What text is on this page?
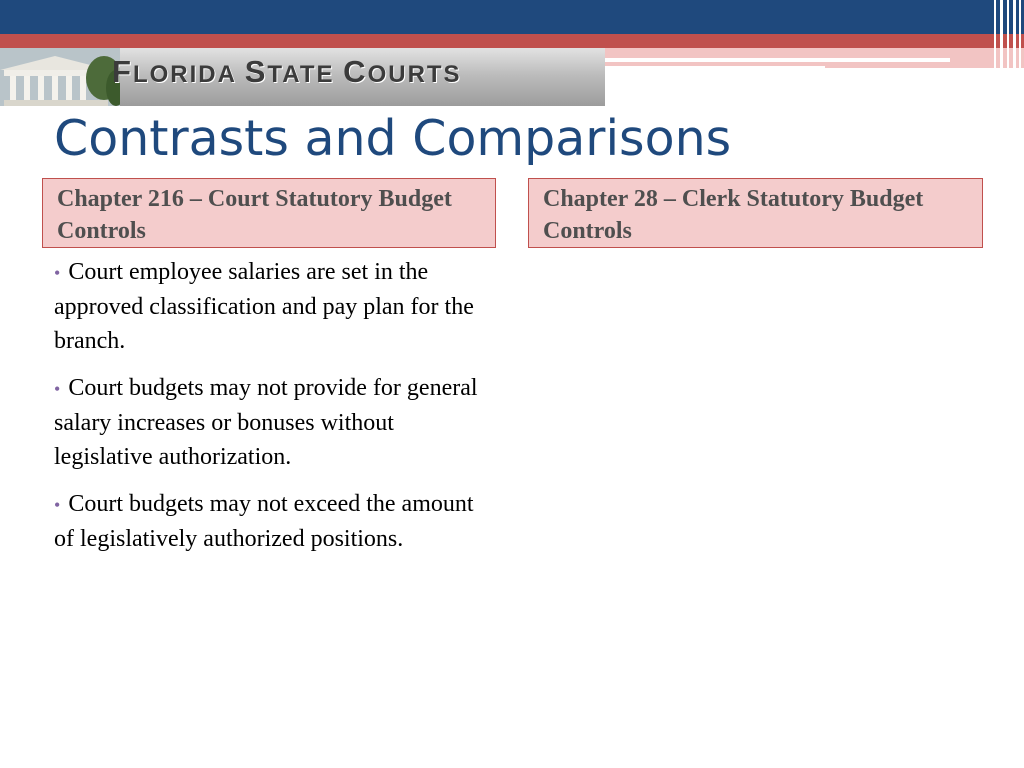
FLORIDA STATE COURTS
Contrasts and Comparisons
Chapter 216 – Court Statutory Budget Controls
Chapter 28 – Clerk Statutory Budget Controls
• Court employee salaries are set in the approved classification and pay plan for the branch.
• Court budgets may not provide for general salary increases or bonuses without legislative authorization.
• Court budgets may not exceed the amount of legislatively authorized positions.
